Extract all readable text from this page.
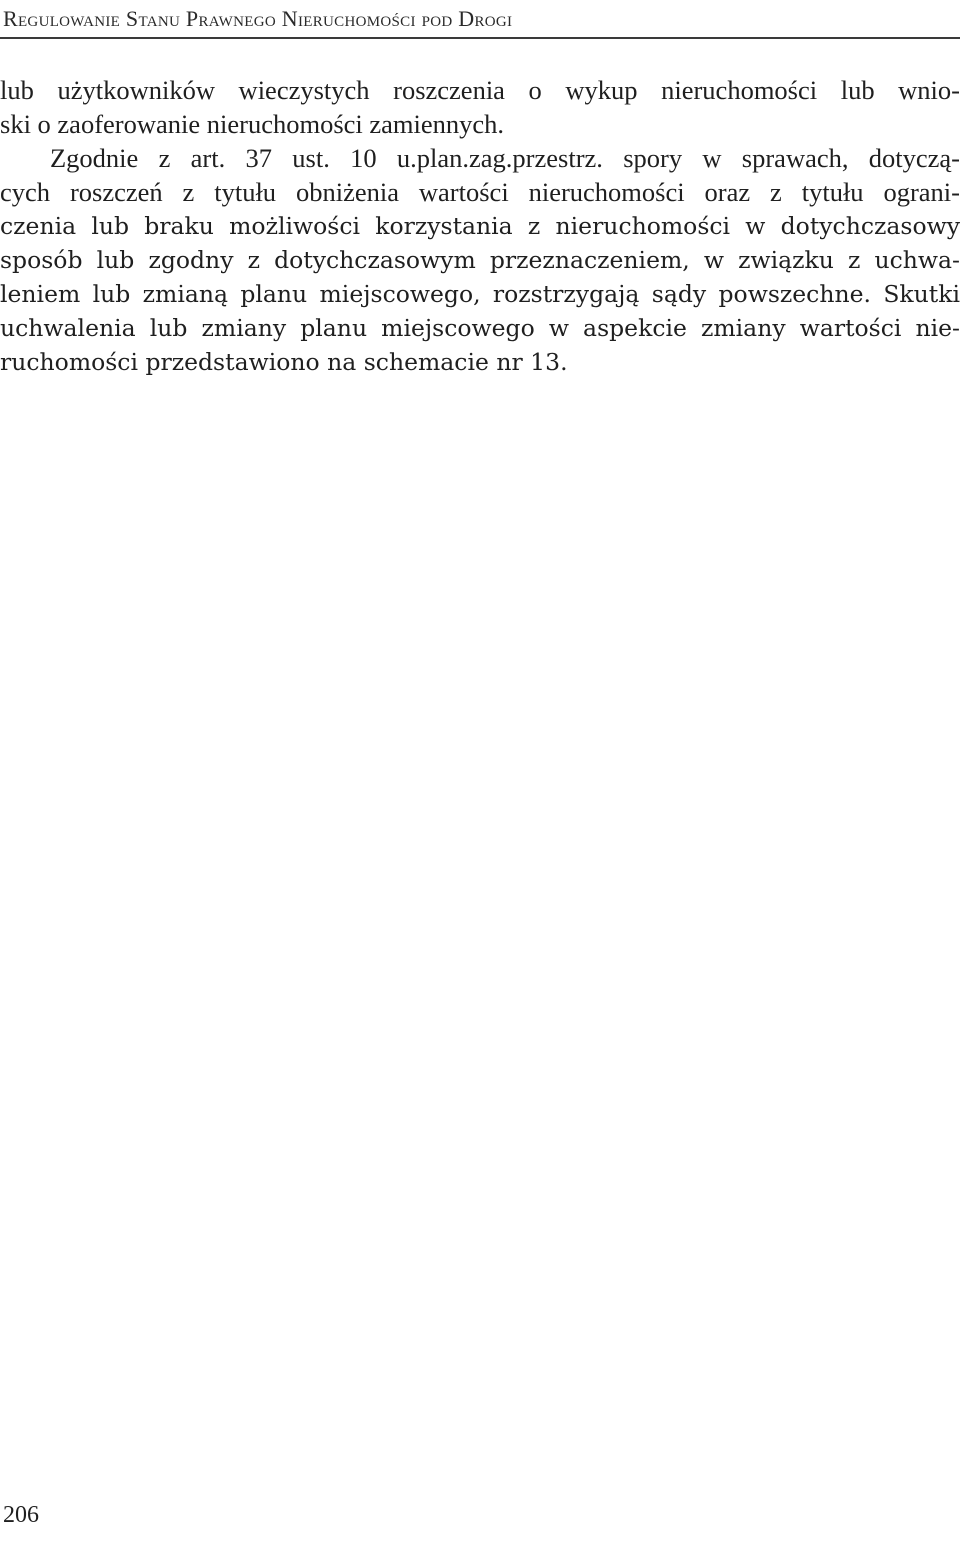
Regulowanie Stanu Prawnego Nieruchomości pod Drogi
lub użytkowników wieczystych roszczenia o wykup nieruchomości lub wnio-
ski o zaoferowanie nieruchomości zamiennych.
Zgodnie z art. 37 ust. 10 u.plan.zag.przestrz. spory w sprawach, dotyczą-
cych roszczeń z tytułu obniżenia wartości nieruchomości oraz z tytułu ograni-
czenia lub braku możliwości korzystania z nieruchomości w dotychczasowy
sposób lub zgodny z dotychczasowym przeznaczeniem, w związku z uchwa-
leniem lub zmianą planu miejscowego, rozstrzygają sądy powszechne. Skutki
uchwalenia lub zmiany planu miejscowego w aspekcie zmiany wartości nie-
ruchomości przedstawiono na schemacie nr 13.
206
